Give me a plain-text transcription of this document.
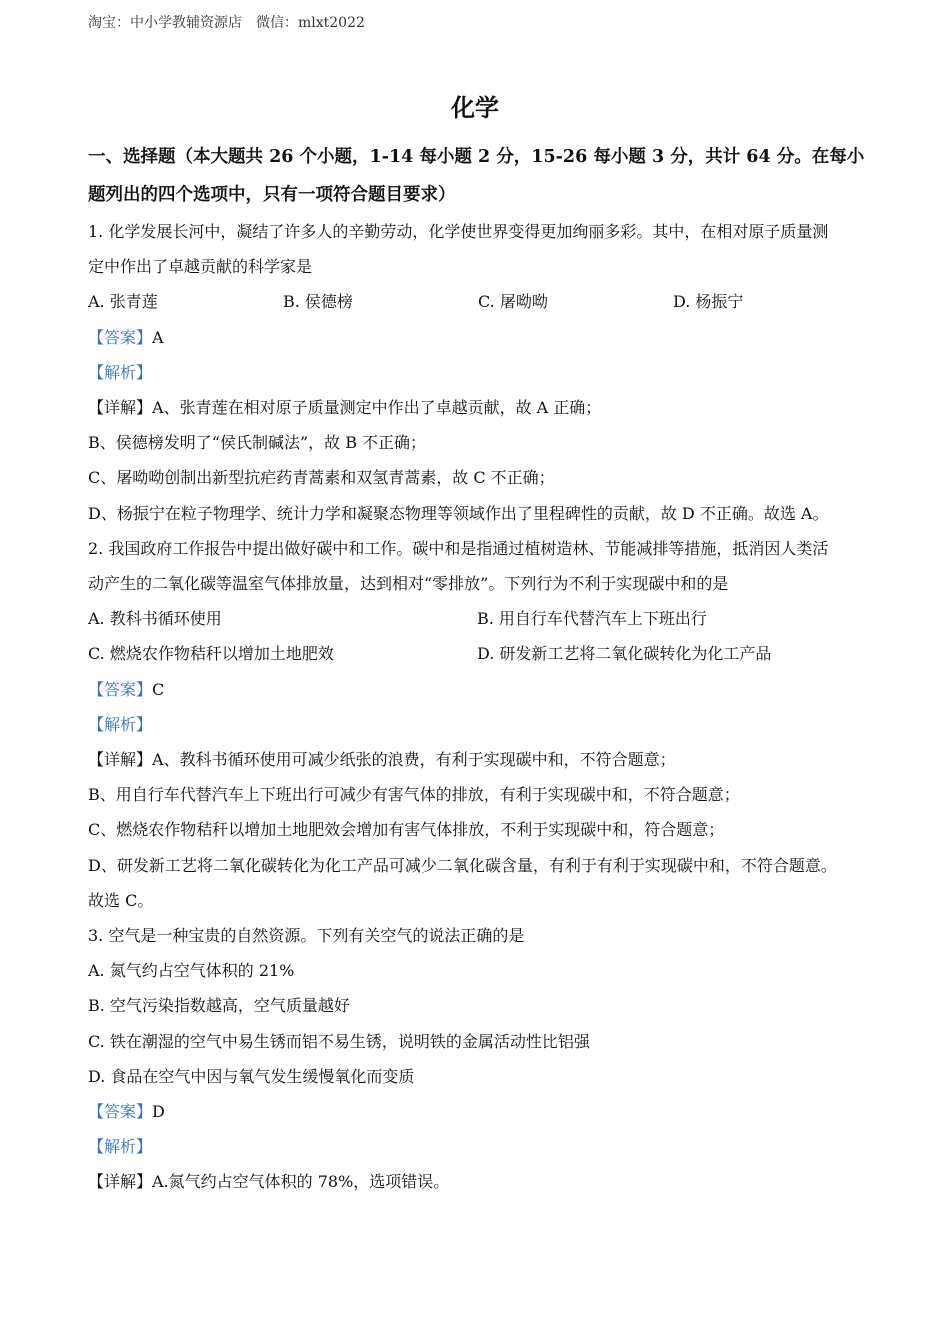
淘宝：中小学教辅资源店　微信：mlxt2022
化学
一、选择题（本大题共 26 个小题，1-14 每小题 2 分，15-26 每小题 3 分，共计 64 分。在每小
题列出的四个选项中，只有一项符合题目要求）
1. 化学发展长河中，凝结了许多人的辛勤劳动，化学使世界变得更加绚丽多彩。其中，在相对原子质量测
定中作出了卓越贡献的科学家是
A. 张青莲	B. 侯德榜	C. 屠呦呦	D. 杨振宁
【答案】A
【解析】
【详解】A、张青莲在相对原子质量测定中作出了卓越贡献，故 A 正确；
B、侯德榜发明了“侯氏制碱法”，故 B 不正确；
C、屠呦呦创制出新型抗疟药青蒿素和双氢青蒿素，故 C 不正确；
D、杨振宁在粒子物理学、统计力学和凝聚态物理等领域作出了里程碑性的贡献，故 D 不正确。故选 A。
2. 我国政府工作报告中提出做好碳中和工作。碳中和是指通过植树造林、节能减排等措施，抵消因人类活
动产生的二氧化碳等温室气体排放量，达到相对“零排放”。下列行为不利于实现碳中和的是
A. 教科书循环使用	B. 用自行车代替汽车上下班出行
C. 燃烧农作物秸秆以增加土地肥效	D. 研发新工艺将二氧化碳转化为化工产品
【答案】C
【解析】
【详解】A、教科书循环使用可减少纸张的浪费，有利于实现碳中和，不符合题意；
B、用自行车代替汽车上下班出行可减少有害气体的排放，有利于实现碳中和，不符合题意；
C、燃烧农作物秸秆以增加土地肥效会增加有害气体排放，不利于实现碳中和，符合题意；
D、研发新工艺将二氧化碳转化为化工产品可减少二氧化碳含量，有利于有利于实现碳中和，不符合题意。
故选 C。
3. 空气是一种宝贵的自然资源。下列有关空气的说法正确的是
A. 氮气约占空气体积的 21%
B. 空气污染指数越高，空气质量越好
C. 铁在潮湿的空气中易生锈而铝不易生锈，说明铁的金属活动性比铝强
D. 食品在空气中因与氧气发生缓慢氧化而变质
【答案】D
【解析】
【详解】A.氮气约占空气体积的 78%，选项错误。
